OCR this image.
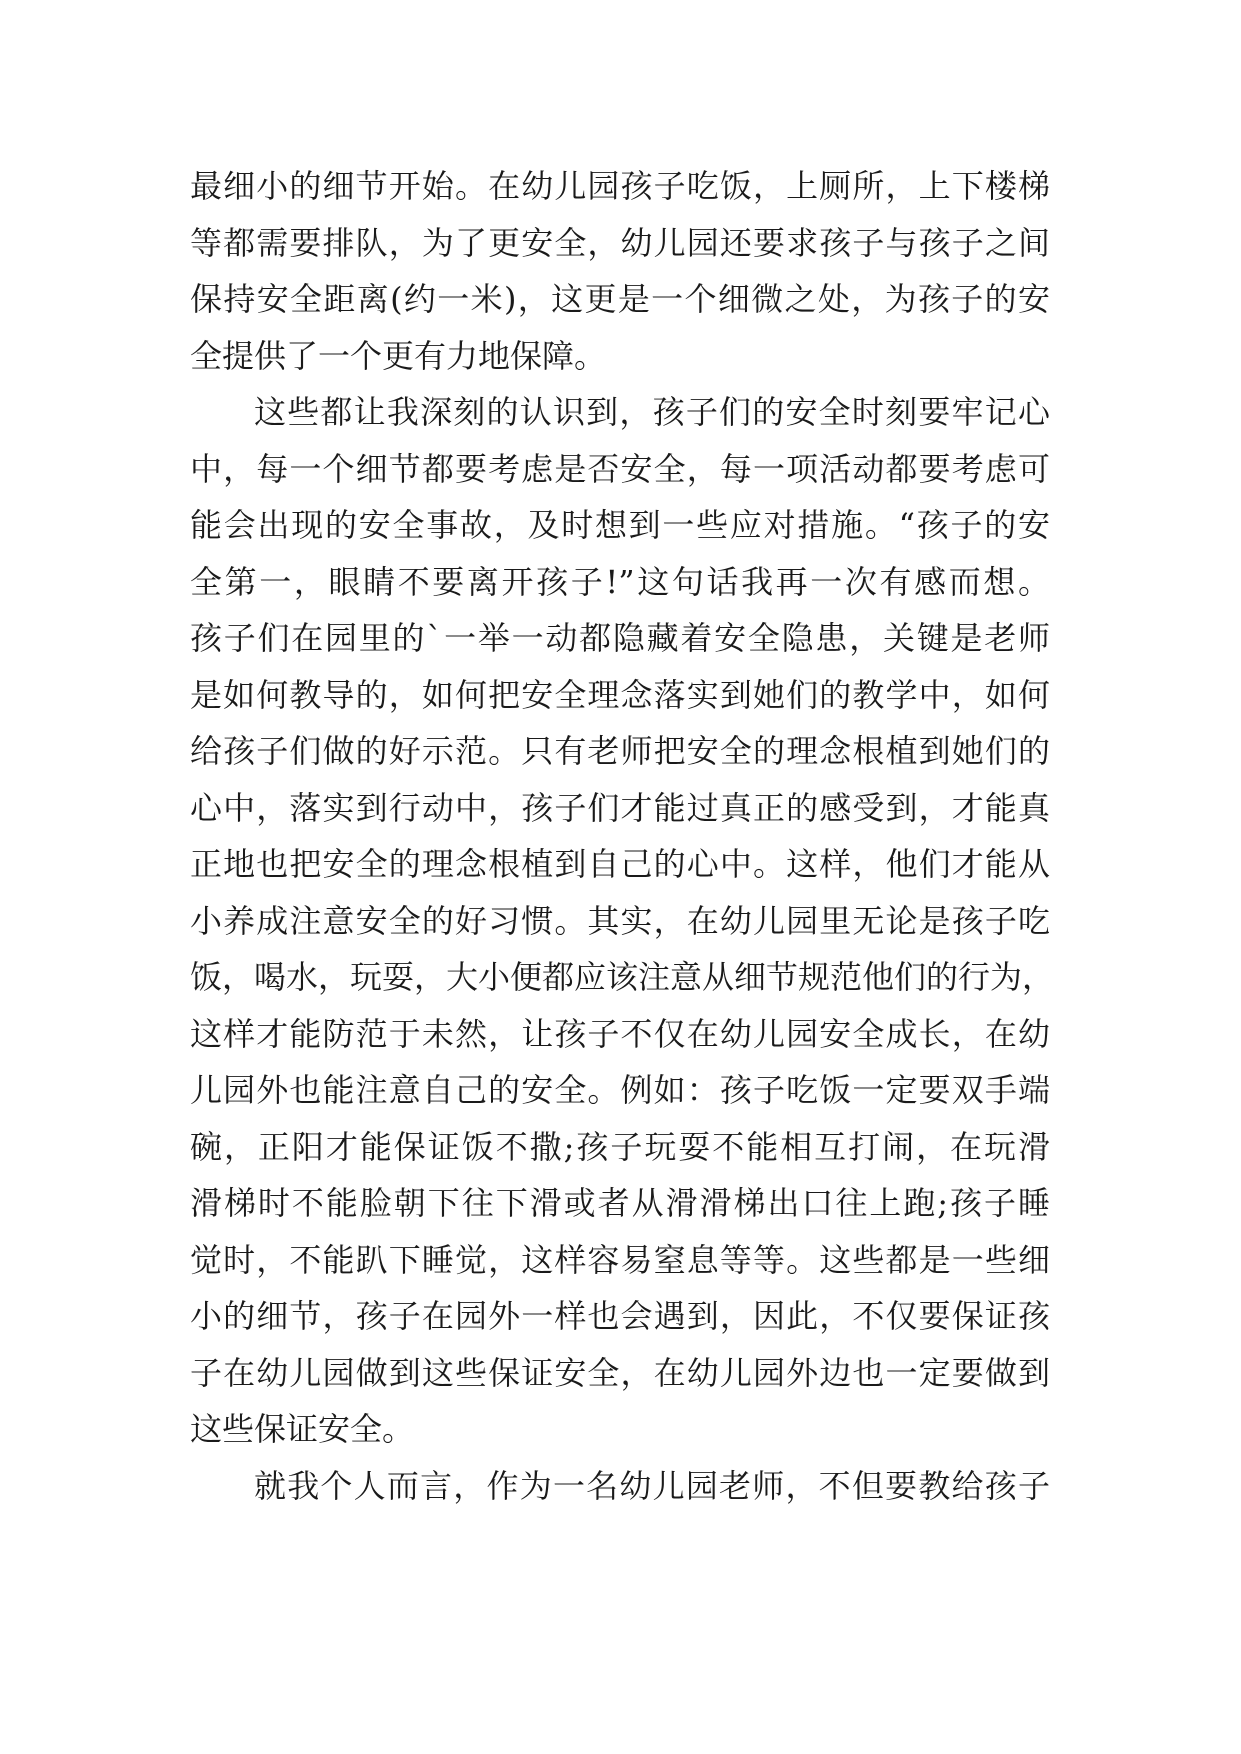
最细小的细节开始。在幼儿园孩子吃饭，上厕所，上下楼梯
等都需要排队，为了更安全，幼儿园还要求孩子与孩子之间
保持安全距离(约一米)，这更是一个细微之处，为孩子的安
全提供了一个更有力地保障。
这些都让我深刻的认识到，孩子们的安全时刻要牢记心
中，每一个细节都要考虑是否安全，每一项活动都要考虑可
能会出现的安全事故，及时想到一些应对措施。“孩子的安
全第一，眼睛不要离开孩子!”这句话我再一次有感而想。
孩子们在园里的`一举一动都隐藏着安全隐患，关键是老师
是如何教导的，如何把安全理念落实到她们的教学中，如何
给孩子们做的好示范。只有老师把安全的理念根植到她们的
心中，落实到行动中，孩子们才能过真正的感受到，才能真
正地也把安全的理念根植到自己的心中。这样，他们才能从
小养成注意安全的好习惯。其实，在幼儿园里无论是孩子吃
饭，喝水，玩耍，大小便都应该注意从细节规范他们的行为，
这样才能防范于未然，让孩子不仅在幼儿园安全成长，在幼
儿园外也能注意自己的安全。例如：孩子吃饭一定要双手端
碗，正阳才能保证饭不撒;孩子玩耍不能相互打闹，在玩滑
滑梯时不能脸朝下往下滑或者从滑滑梯出口往上跑;孩子睡
觉时，不能趴下睡觉，这样容易窒息等等。这些都是一些细
小的细节，孩子在园外一样也会遇到，因此，不仅要保证孩
子在幼儿园做到这些保证安全，在幼儿园外边也一定要做到
这些保证安全。
就我个人而言，作为一名幼儿园老师，不但要教给孩子
